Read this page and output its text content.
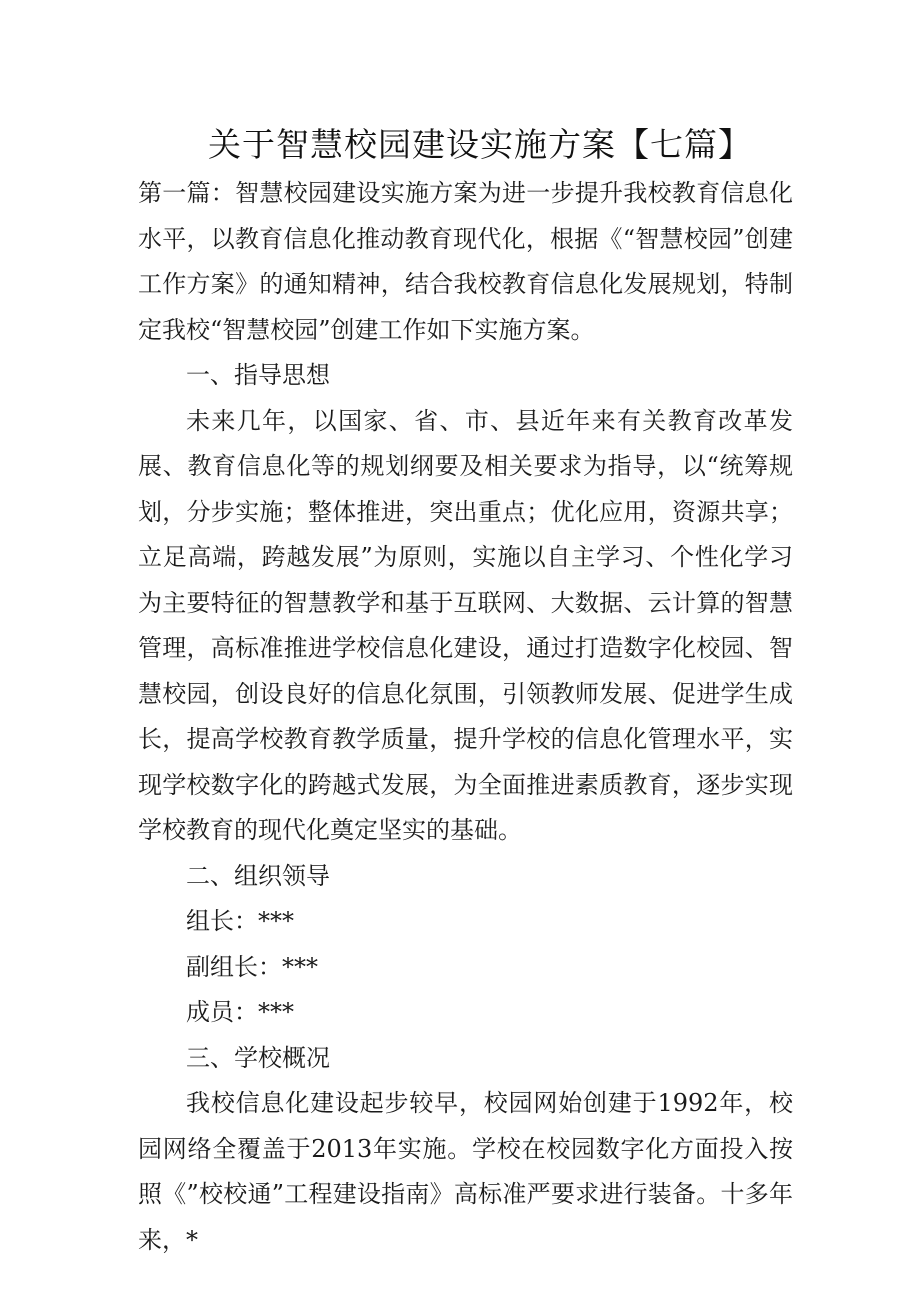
关于智慧校园建设实施方案【七篇】

第一篇：智慧校园建设实施方案为进一步提升我校教育信息化水平，以教育信息化推动教育现代化，根据《“智慧校园”创建工作方案》的通知精神，结合我校教育信息化发展规划，特制定我校“智慧校园”创建工作如下实施方案。

一、指导思想

未来几年，以国家、省、市、县近年来有关教育改革发展、教育信息化等的规划纲要及相关要求为指导，以“统筹规划，分步实施；整体推进，突出重点；优化应用，资源共享；立足高端，跨越发展”为原则，实施以自主学习、个性化学习为主要特征的智慧教学和基于互联网、大数据、云计算的智慧管理，高标准推进学校信息化建设，通过打造数字化校园、智慧校园，创设良好的信息化氛围，引领教师发展、促进学生成长，提高学校教育教学质量，提升学校的信息化管理水平，实现学校数字化的跨越式发展，为全面推进素质教育，逐步实现学校教育的现代化奠定坚实的基础。

二、组织领导

组长：***

副组长：***

成员：***

三、学校概况

我校信息化建设起步较早，校园网始创建于1992年，校园网络全覆盖于2013年实施。学校在校园数字化方面投入按照《”校校通”工程建设指南》高标准严要求进行装备。十多年来，*
